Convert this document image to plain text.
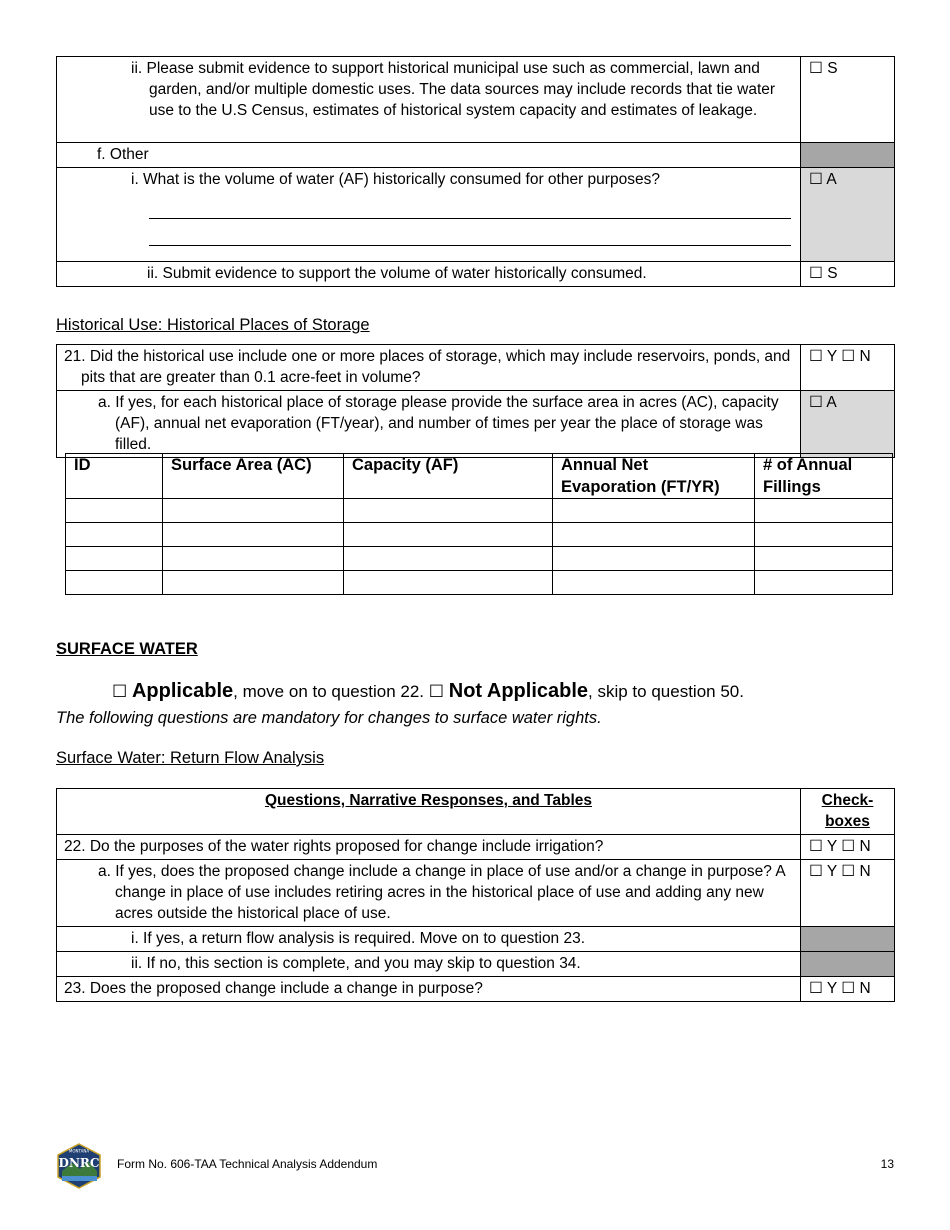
ii. Please submit evidence to support historical municipal use such as commercial, lawn and garden, and/or multiple domestic uses. The data sources may include records that tie water use to the U.S Census, estimates of historical system capacity and estimates of leakage.	☐ S
f. Other	
i. What is the volume of water (AF) historically consumed for other purposes?	☐ A
ii. Submit evidence to support the volume of water historically consumed.	☐ S
Historical Use: Historical Places of Storage
21. Did the historical use include one or more places of storage, which may include reservoirs, ponds, and pits that are greater than 0.1 acre-feet in volume?	☐ Y ☐ N
a. If yes, for each historical place of storage please provide the surface area in acres (AC), capacity (AF), annual net evaporation (FT/year), and number of times per year the place of storage was filled.	☐ A
ID	Surface Area (AC)	Capacity (AF)	Annual Net Evaporation (FT/YR)	# of Annual Fillings

SURFACE WATER
☐ Applicable, move on to question 22. ☐ Not Applicable, skip to question 50.
The following questions are mandatory for changes to surface water rights.
Surface Water: Return Flow Analysis
Questions, Narrative Responses, and Tables	Check-boxes
22. Do the purposes of the water rights proposed for change include irrigation?	☐ Y ☐ N
a. If yes, does the proposed change include a change in place of use and/or a change in purpose? A change in place of use includes retiring acres in the historical place of use and adding any new acres outside the historical place of use.	☐ Y ☐ N
i. If yes, a return flow analysis is required. Move on to question 23.	
ii. If no, this section is complete, and you may skip to question 34.	
23. Does the proposed change include a change in purpose?	☐ Y ☐ N
MONTANA
DNRC Form No. 606-TAA Technical Analysis Addendum	13
